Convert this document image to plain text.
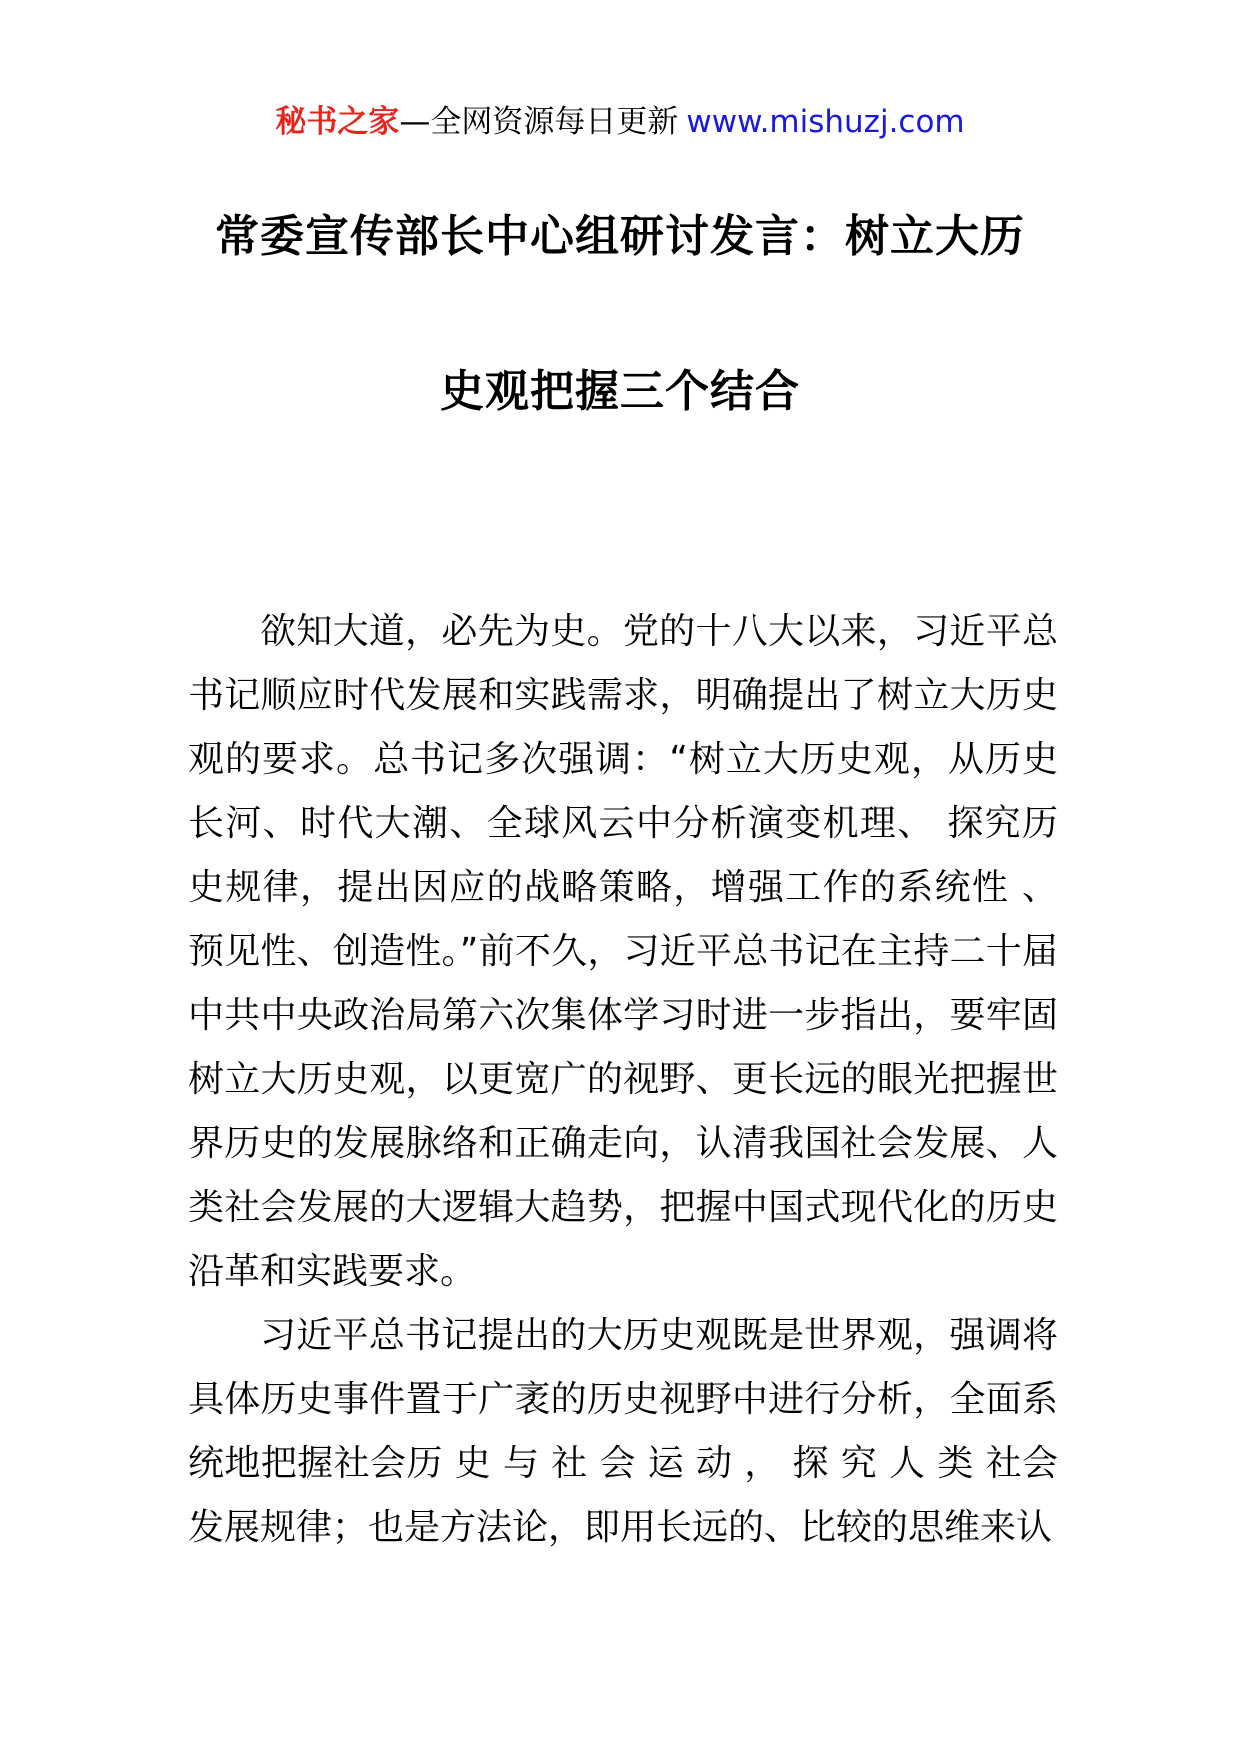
秘书之家—全网资源每日更新 www.mishuzj.com
常委宣传部长中心组研讨发言：树立大历
史观把握三个结合

欲知大道，必先为史。党的十八大以来，习近平总书记顺应时代发展和实践需求，明确提出了树立大历史观的要求。总书记多次强调：“树立大历史观，从历史长河、时代大潮、全球风云中分析演变机理、 探究历史规律，提出因应的战略策略，增强工作的系统性 、预见性、创造性。”前不久，习近平总书记在主持二十届中共中央政治局第六次集体学习时进一步指出，要牢固树立大历史观，以更宽广的视野、更长远的眼光把握世界历史的发展脉络和正确走向，认清我国社会发展、人类社会发展的大逻辑大趋势，把握中国式现代化的历史沿革和实践要求。

习近平总书记提出的大历史观既是世界观，强调将具体历史事件置于广袤的历史视野中进行分析，全面系统地把握社会历 史 与 社 会 运 动 ， 探 究 人 类 社会发展规律；也是方法论，即用长远的、比较的思维来认
